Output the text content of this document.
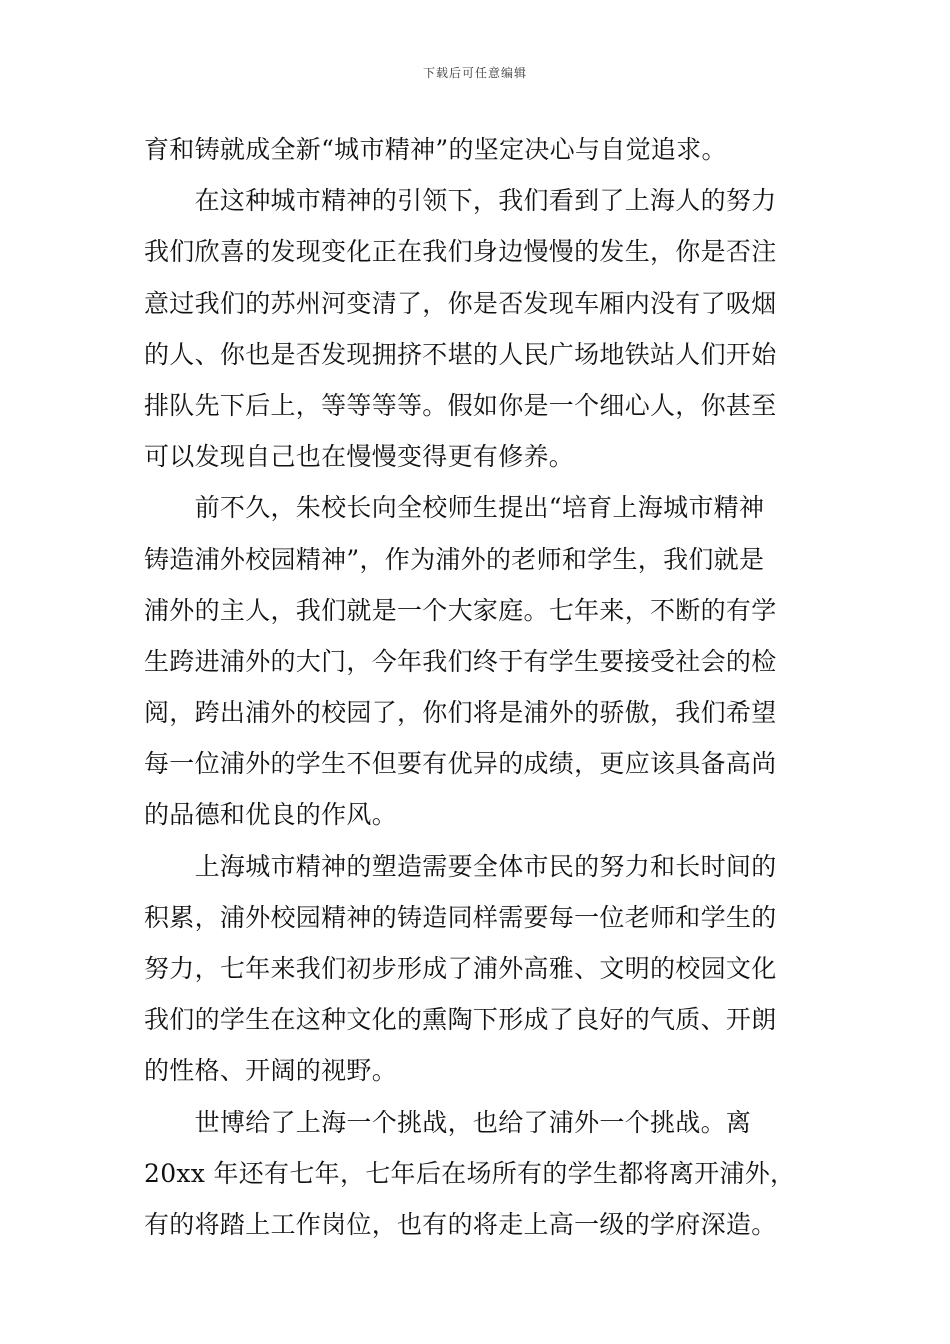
下载后可任意编辑
育和铸就成全新“城市精神”的坚定决心与自觉追求。
　　在这种城市精神的引领下，我们看到了上海人的努力
我们欣喜的发现变化正在我们身边慢慢的发生，你是否注
意过我们的苏州河变清了，你是否发现车厢内没有了吸烟
的人、你也是否发现拥挤不堪的人民广场地铁站人们开始
排队先下后上，等等等等。假如你是一个细心人，你甚至
可以发现自己也在慢慢变得更有修养。
　　前不久，朱校长向全校师生提出“培育上海城市精神
铸造浦外校园精神”，作为浦外的老师和学生，我们就是
浦外的主人，我们就是一个大家庭。七年来，不断的有学
生跨进浦外的大门，今年我们终于有学生要接受社会的检
阅，跨出浦外的校园了，你们将是浦外的骄傲，我们希望
每一位浦外的学生不但要有优异的成绩，更应该具备高尚
的品德和优良的作风。
　　上海城市精神的塑造需要全体市民的努力和长时间的
积累，浦外校园精神的铸造同样需要每一位老师和学生的
努力，七年来我们初步形成了浦外高雅、文明的校园文化
我们的学生在这种文化的熏陶下形成了良好的气质、开朗
的性格、开阔的视野。
　　世博给了上海一个挑战，也给了浦外一个挑战。离
20xx 年还有七年，七年后在场所有的学生都将离开浦外，
有的将踏上工作岗位，也有的将走上高一级的学府深造。
